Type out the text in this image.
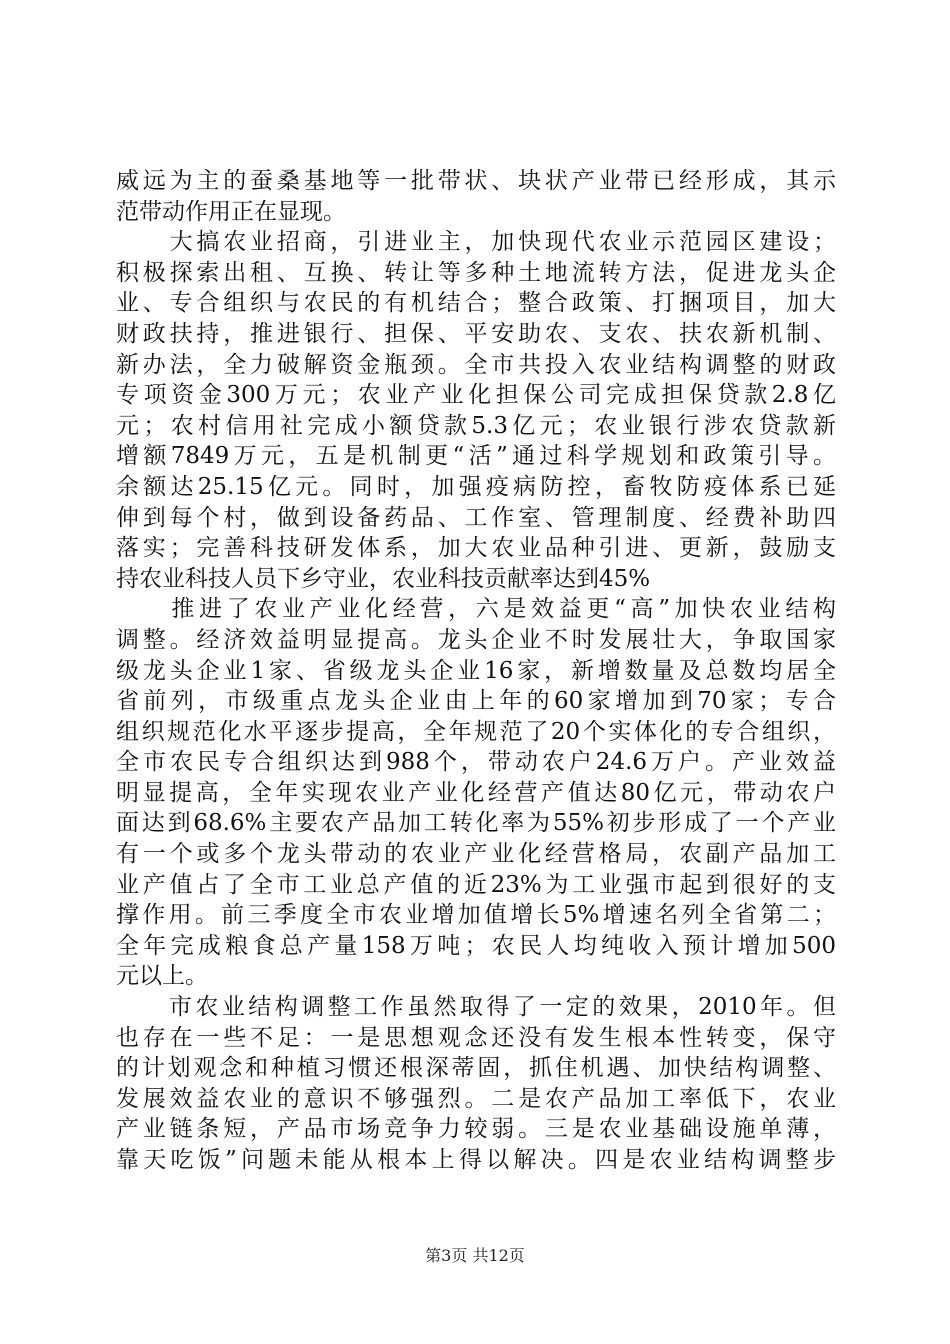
威远为主的蚕桑基地等一批带状、块状产业带已经形成，其示
范带动作用正在显现。
　　大搞农业招商，引进业主，加快现代农业示范园区建设；
积极探索出租、互换、转让等多种土地流转方法，促进龙头企
业、专合组织与农民的有机结合；整合政策、打捆项目，加大
财政扶持，推进银行、担保、平安助农、支农、扶农新机制、
新办法，全力破解资金瓶颈。全市共投入农业结构调整的财政
专项资金300万元；农业产业化担保公司完成担保贷款2.8亿
元；农村信用社完成小额贷款5.3亿元；农业银行涉农贷款新
增额7849万元，五是机制更“活”通过科学规划和政策引导。
余额达25.15亿元。同时，加强疫病防控，畜牧防疫体系已延
伸到每个村，做到设备药品、工作室、管理制度、经费补助四
落实；完善科技研发体系，加大农业品种引进、更新，鼓励支
持农业科技人员下乡守业，农业科技贡献率达到45%
　　推进了农业产业化经营，六是效益更“高”加快农业结构
调整。经济效益明显提高。龙头企业不时发展壮大，争取国家
级龙头企业1家、省级龙头企业16家，新增数量及总数均居全
省前列，市级重点龙头企业由上年的60家增加到70家；专合
组织规范化水平逐步提高，全年规范了20个实体化的专合组织，
全市农民专合组织达到988个，带动农户24.6万户。产业效益
明显提高，全年实现农业产业化经营产值达80亿元，带动农户
面达到68.6%主要农产品加工转化率为55%初步形成了一个产业
有一个或多个龙头带动的农业产业化经营格局，农副产品加工
业产值占了全市工业总产值的近23%为工业强市起到很好的支
撑作用。前三季度全市农业增加值增长5%增速名列全省第二；
全年完成粮食总产量158万吨；农民人均纯收入预计增加500
元以上。
　　市农业结构调整工作虽然取得了一定的效果，2010年。但
也存在一些不足：一是思想观念还没有发生根本性转变，保守
的计划观念和种植习惯还根深蒂固，抓住机遇、加快结构调整、
发展效益农业的意识不够强烈。二是农产品加工率低下，农业
产业链条短，产品市场竞争力较弱。三是农业基础设施单薄，
靠天吃饭”问题未能从根本上得以解决。四是农业结构调整步
第3页 共12页
